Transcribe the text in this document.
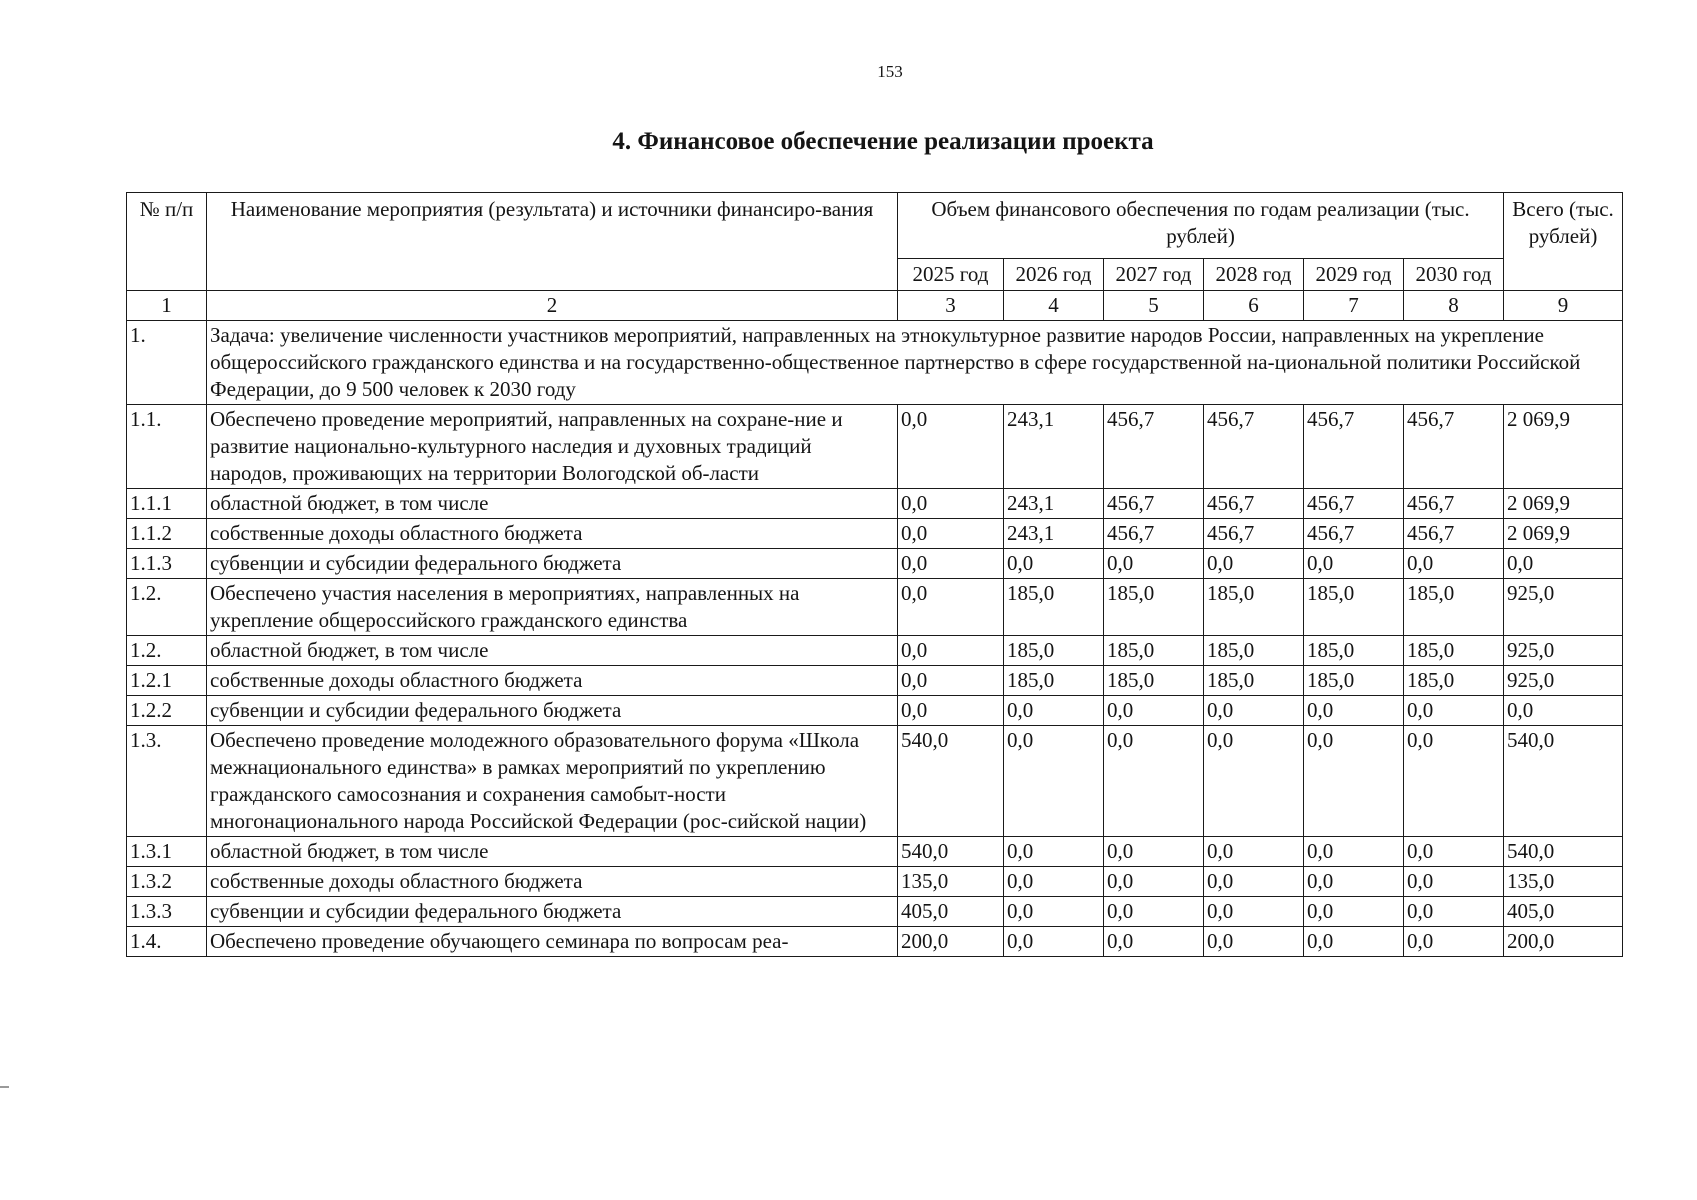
153
4. Финансовое обеспечение реализации проекта
№ п/п	Наименование мероприятия (результата) и источники финансиро-вания	Объем финансового обеспечения по годам реализации (тыс. рублей)						Всего (тыс. рублей)
		2025 год	2026 год	2027 год	2028 год	2029 год	2030 год	
1	2	3	4	5	6	7	8	9
1.	Задача: увеличение численности участников мероприятий, направленных на этнокультурное развитие народов России, направленных на укрепление общероссийского гражданского единства и на государственно-общественное партнерство в сфере государственной на-циональной политики Российской Федерации, до 9 500 человек к 2030 году							
1.1.	Обеспечено проведение мероприятий, направленных на сохране-ние и развитие национально-культурного наследия и духовных традиций народов, проживающих на территории Вологодской об-ласти	0,0	243,1	456,7	456,7	456,7	456,7	2 069,9
1.1.1	областной бюджет, в том числе	0,0	243,1	456,7	456,7	456,7	456,7	2 069,9
1.1.2	собственные доходы областного бюджета	0,0	243,1	456,7	456,7	456,7	456,7	2 069,9
1.1.3	субвенции и субсидии федерального бюджета	0,0	0,0	0,0	0,0	0,0	0,0	0,0
1.2.	Обеспечено участия населения в мероприятиях, направленных на укрепление общероссийского гражданского единства	0,0	185,0	185,0	185,0	185,0	185,0	925,0
1.2.	областной бюджет, в том числе	0,0	185,0	185,0	185,0	185,0	185,0	925,0
1.2.1	собственные доходы областного бюджета	0,0	185,0	185,0	185,0	185,0	185,0	925,0
1.2.2	субвенции и субсидии федерального бюджета	0,0	0,0	0,0	0,0	0,0	0,0	0,0
1.3.	Обеспечено проведение молодежного образовательного форума «Школа межнационального единства» в рамках мероприятий по укреплению гражданского самосознания и сохранения самобыт-ности многонационального народа Российской Федерации (рос-сийской нации)	540,0	0,0	0,0	0,0	0,0	0,0	540,0
1.3.1	областной бюджет, в том числе	540,0	0,0	0,0	0,0	0,0	0,0	540,0
1.3.2	собственные доходы областного бюджета	135,0	0,0	0,0	0,0	0,0	0,0	135,0
1.3.3	субвенции и субсидии федерального бюджета	405,0	0,0	0,0	0,0	0,0	0,0	405,0
1.4.	Обеспечено проведение обучающего семинара по вопросам реа-	200,0	0,0	0,0	0,0	0,0	0,0	200,0
